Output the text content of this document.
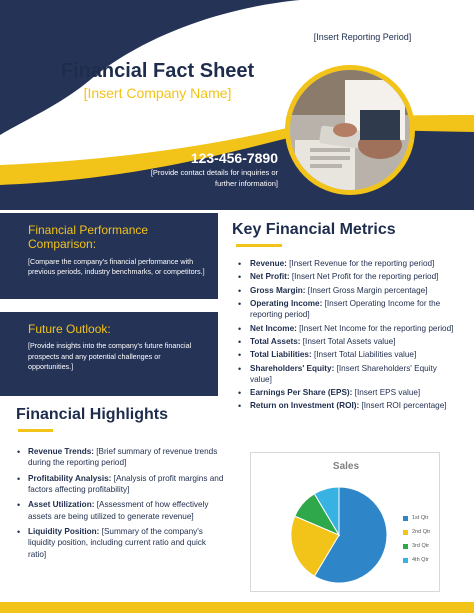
[Insert Reporting Period]
Financial Fact Sheet
[Insert Company Name]
123-456-7890
[Provide contact details for inquiries or further information]
Financial Performance Comparison:

[Compare the company's financial performance with previous periods, industry benchmarks, or competitors.]

Future Outlook:

[Provide insights into the company's future financial prospects and any potential challenges or opportunities.]

Key Financial Metrics
• Revenue: [Insert Revenue for the reporting period]
• Net Profit: [Insert Net Profit for the reporting period]
• Gross Margin: [Insert Gross Margin percentage]
• Operating Income: [Insert Operating Income for the reporting period]
• Net Income: [Insert Net Income for the reporting period]
• Total Assets: [Insert Total Assets value]
• Total Liabilities: [Insert Total Liabilities value]
• Shareholders' Equity: [Insert Shareholders' Equity value]
• Earnings Per Share (EPS): [Insert EPS value]
• Return on Investment (ROI): [Insert ROI percentage]
Financial Highlights
• Revenue Trends: [Brief summary of revenue trends during the reporting period]
• Profitability Analysis: [Analysis of profit margins and factors affecting profitability]
• Asset Utilization: [Assessment of how effectively assets are being utilized to generate revenue]
• Liquidity Position: [Summary of the company's liquidity position, including current ratio and quick ratio]
Sales
1st Qtr
2nd Qtr
3rd Qtr
4th Qtr
